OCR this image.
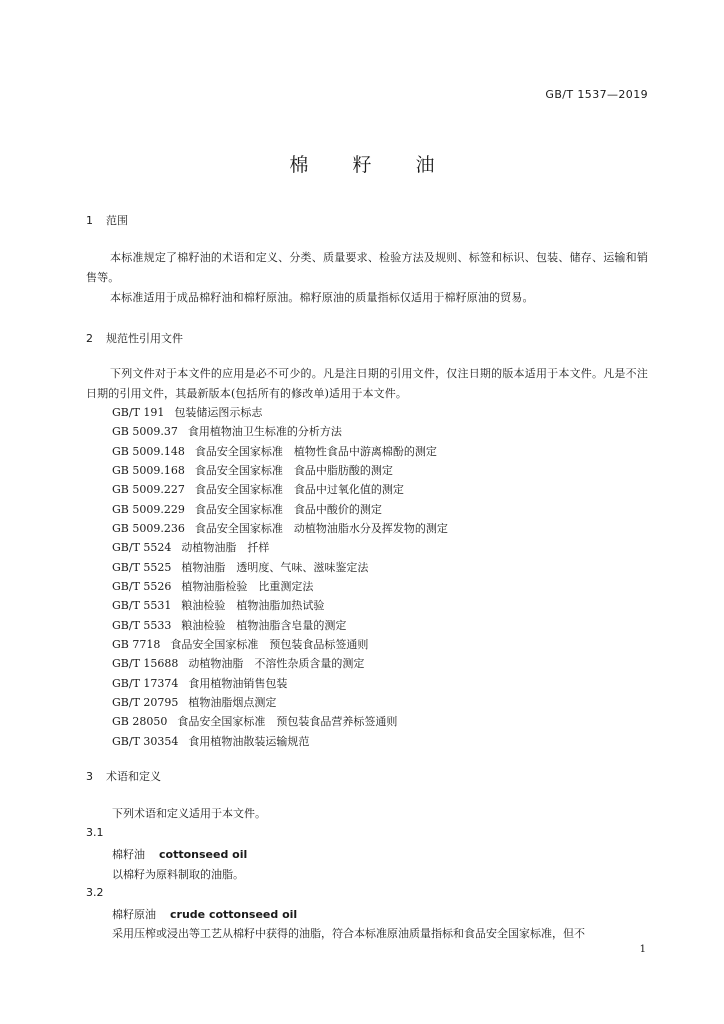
GB/T 1537—2019
棉 籽 油
1 范围
本标准规定了棉籽油的术语和定义、分类、质量要求、检验方法及规则、标签和标识、包装、储存、运输和销售等。
本标准适用于成品棉籽油和棉籽原油。棉籽原油的质量指标仅适用于棉籽原油的贸易。
2 规范性引用文件
下列文件对于本文件的应用是必不可少的。凡是注日期的引用文件，仅注日期的版本适用于本文件。凡是不注日期的引用文件，其最新版本(包括所有的修改单)适用于本文件。
GB/T 191 包装储运图示标志
GB 5009.37 食用植物油卫生标准的分析方法
GB 5009.148 食品安全国家标准　植物性食品中游离棉酚的测定
GB 5009.168 食品安全国家标准　食品中脂肪酸的测定
GB 5009.227 食品安全国家标准　食品中过氧化值的测定
GB 5009.229 食品安全国家标准　食品中酸价的测定
GB 5009.236 食品安全国家标准　动植物油脂水分及挥发物的测定
GB/T 5524 动植物油脂　扦样
GB/T 5525 植物油脂　透明度、气味、滋味鉴定法
GB/T 5526 植物油脂检验　比重测定法
GB/T 5531 粮油检验　植物油脂加热试验
GB/T 5533 粮油检验　植物油脂含皂量的测定
GB 7718 食品安全国家标准　预包装食品标签通则
GB/T 15688 动植物油脂　不溶性杂质含量的测定
GB/T 17374 食用植物油销售包装
GB/T 20795 植物油脂烟点测定
GB 28050 食品安全国家标准　预包装食品营养标签通则
GB/T 30354 食用植物油散装运输规范
3 术语和定义
下列术语和定义适用于本文件。
3.1
棉籽油 cottonseed oil
以棉籽为原料制取的油脂。
3.2
棉籽原油 crude cottonseed oil
采用压榨或浸出等工艺从棉籽中获得的油脂，符合本标准原油质量指标和食品安全国家标准，但不
1
